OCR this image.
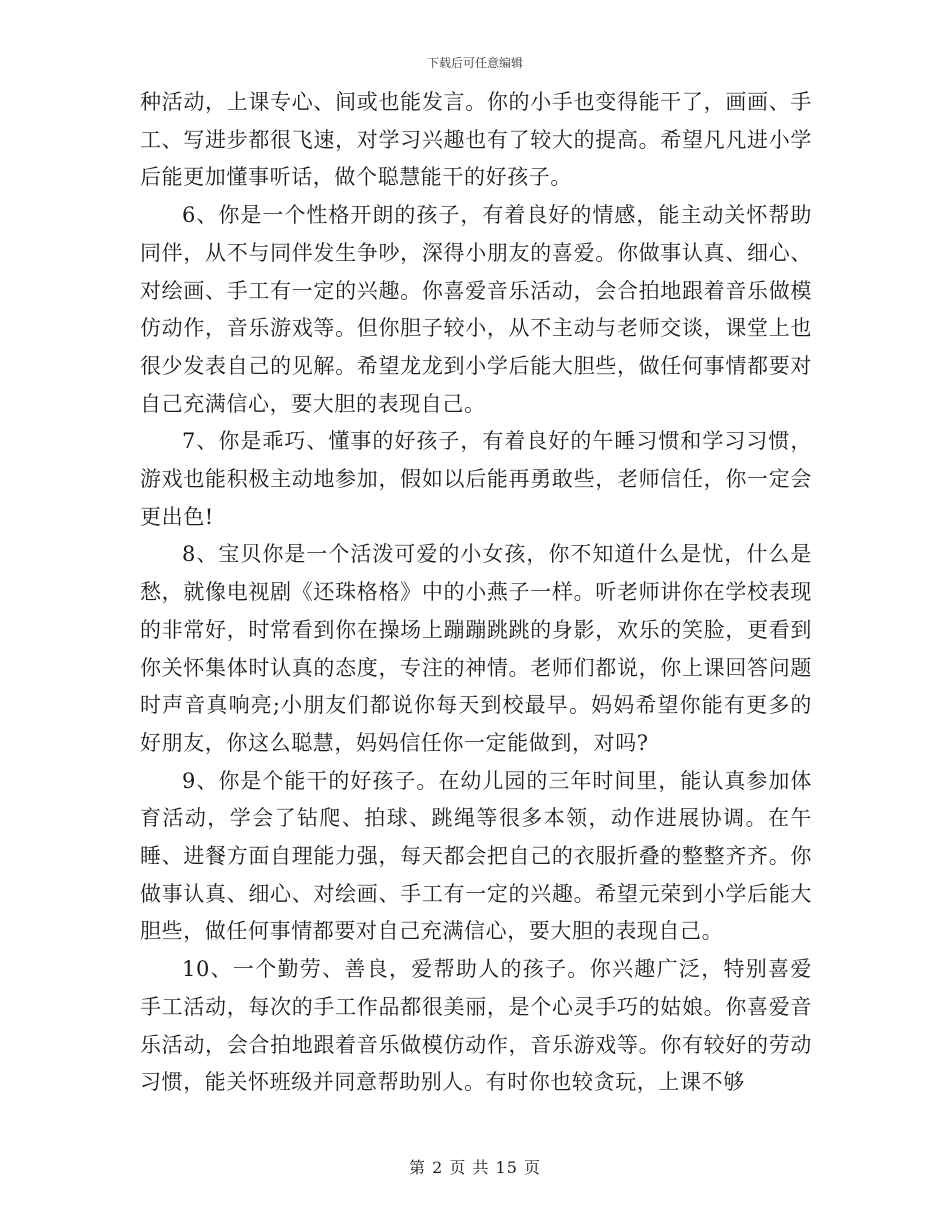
下载后可任意编辑

种活动，上课专心、间或也能发言。你的小手也变得能干了，画画、手工、写进步都很飞速，对学习兴趣也有了较大的提高。希望凡凡进小学后能更加懂事听话，做个聪慧能干的好孩子。

6、你是一个性格开朗的孩子，有着良好的情感，能主动关怀帮助同伴，从不与同伴发生争吵，深得小朋友的喜爱。你做事认真、细心、对绘画、手工有一定的兴趣。你喜爱音乐活动，会合拍地跟着音乐做模仿动作，音乐游戏等。但你胆子较小，从不主动与老师交谈，课堂上也很少发表自己的见解。希望龙龙到小学后能大胆些，做任何事情都要对自己充满信心，要大胆的表现自己。

7、你是乖巧、懂事的好孩子，有着良好的午睡习惯和学习习惯，游戏也能积极主动地参加，假如以后能再勇敢些，老师信任，你一定会更出色!

8、宝贝你是一个活泼可爱的小女孩，你不知道什么是忧，什么是愁，就像电视剧《还珠格格》中的小燕子一样。听老师讲你在学校表现的非常好，时常看到你在操场上蹦蹦跳跳的身影，欢乐的笑脸，更看到你关怀集体时认真的态度，专注的神情。老师们都说，你上课回答问题时声音真响亮;小朋友们都说你每天到校最早。妈妈希望你能有更多的好朋友，你这么聪慧，妈妈信任你一定能做到，对吗?

9、你是个能干的好孩子。在幼儿园的三年时间里，能认真参加体育活动，学会了钻爬、拍球、跳绳等很多本领，动作进展协调。在午睡、进餐方面自理能力强，每天都会把自己的衣服折叠的整整齐齐。你做事认真、细心、对绘画、手工有一定的兴趣。希望元荣到小学后能大胆些，做任何事情都要对自己充满信心，要大胆的表现自己。

10、一个勤劳、善良，爱帮助人的孩子。你兴趣广泛，特别喜爱手工活动，每次的手工作品都很美丽，是个心灵手巧的姑娘。你喜爱音乐活动，会合拍地跟着音乐做模仿动作，音乐游戏等。你有较好的劳动习惯，能关怀班级并同意帮助别人。有时你也较贪玩，上课不够

第 2 页 共 15 页
